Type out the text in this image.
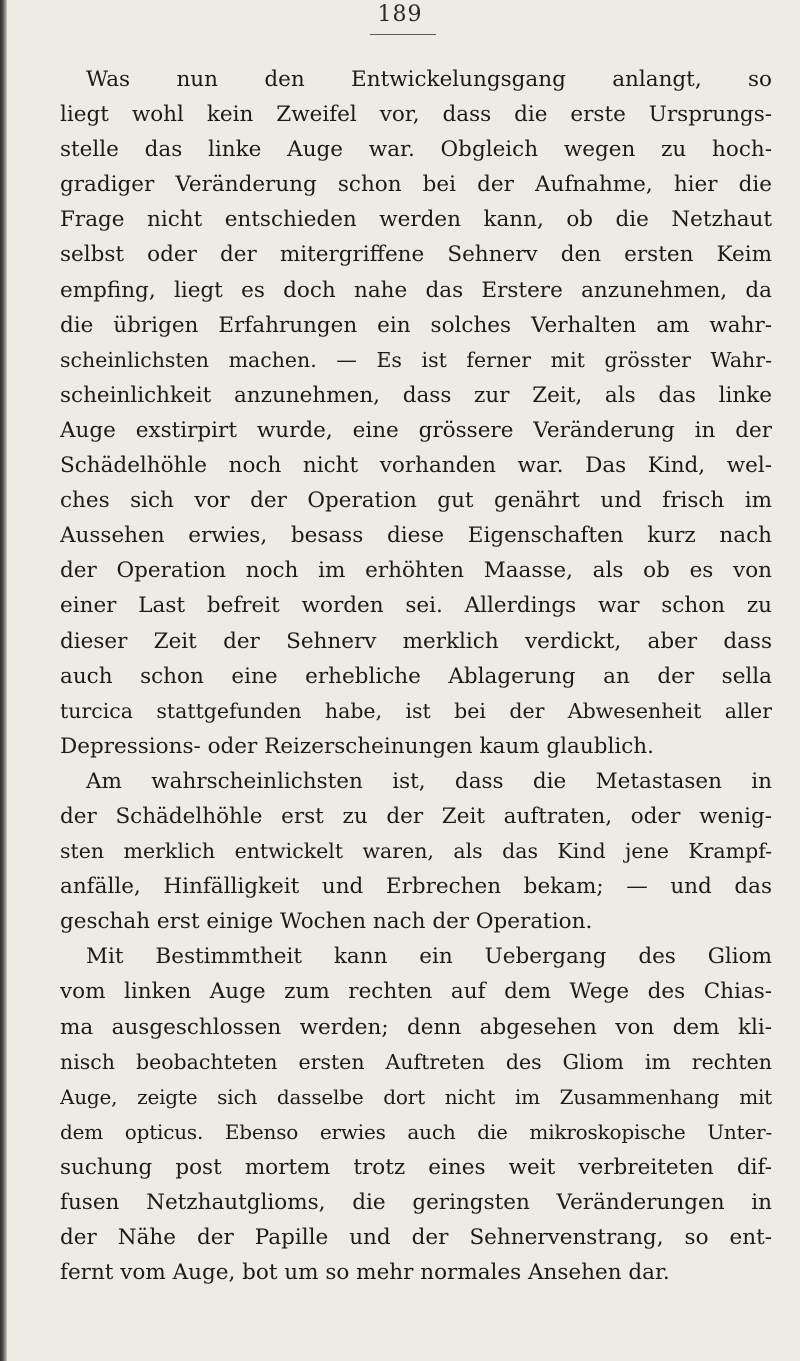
189
Was nun den Entwickelungsgang anlangt, so
liegt wohl kein Zweifel vor, dass die erste Ursprungs-
stelle das linke Auge war. Obgleich wegen zu hoch-
gradiger Veränderung schon bei der Aufnahme, hier die
Frage nicht entschieden werden kann, ob die Netzhaut
selbst oder der mitergriffene Sehnerv den ersten Keim
empfing, liegt es doch nahe das Erstere anzunehmen, da
die übrigen Erfahrungen ein solches Verhalten am wahr-
scheinlichsten machen. — Es ist ferner mit grösster Wahr-
scheinlichkeit anzunehmen, dass zur Zeit, als das linke
Auge exstirpirt wurde, eine grössere Veränderung in der
Schädelhöhle noch nicht vorhanden war. Das Kind, wel-
ches sich vor der Operation gut genährt und frisch im
Aussehen erwies, besass diese Eigenschaften kurz nach
der Operation noch im erhöhten Maasse, als ob es von
einer Last befreit worden sei. Allerdings war schon zu
dieser Zeit der Sehnerv merklich verdickt, aber dass
auch schon eine erhebliche Ablagerung an der sella
turcica stattgefunden habe, ist bei der Abwesenheit aller
Depressions- oder Reizerscheinungen kaum glaublich.
Am wahrscheinlichsten ist, dass die Metastasen in
der Schädelhöhle erst zu der Zeit auftraten, oder wenig-
sten merklich entwickelt waren, als das Kind jene Krampf-
anfälle, Hinfälligkeit und Erbrechen bekam; — und das
geschah erst einige Wochen nach der Operation.
Mit Bestimmtheit kann ein Uebergang des Gliom
vom linken Auge zum rechten auf dem Wege des Chias-
ma ausgeschlossen werden; denn abgesehen von dem kli-
nisch beobachteten ersten Auftreten des Gliom im rechten
Auge, zeigte sich dasselbe dort nicht im Zusammenhang mit
dem opticus. Ebenso erwies auch die mikroskopische Unter-
suchung post mortem trotz eines weit verbreiteten dif-
fusen Netzhautglioms, die geringsten Veränderungen in
der Nähe der Papille und der Sehnervenstrang, so ent-
fernt vom Auge, bot um so mehr normales Ansehen dar.
